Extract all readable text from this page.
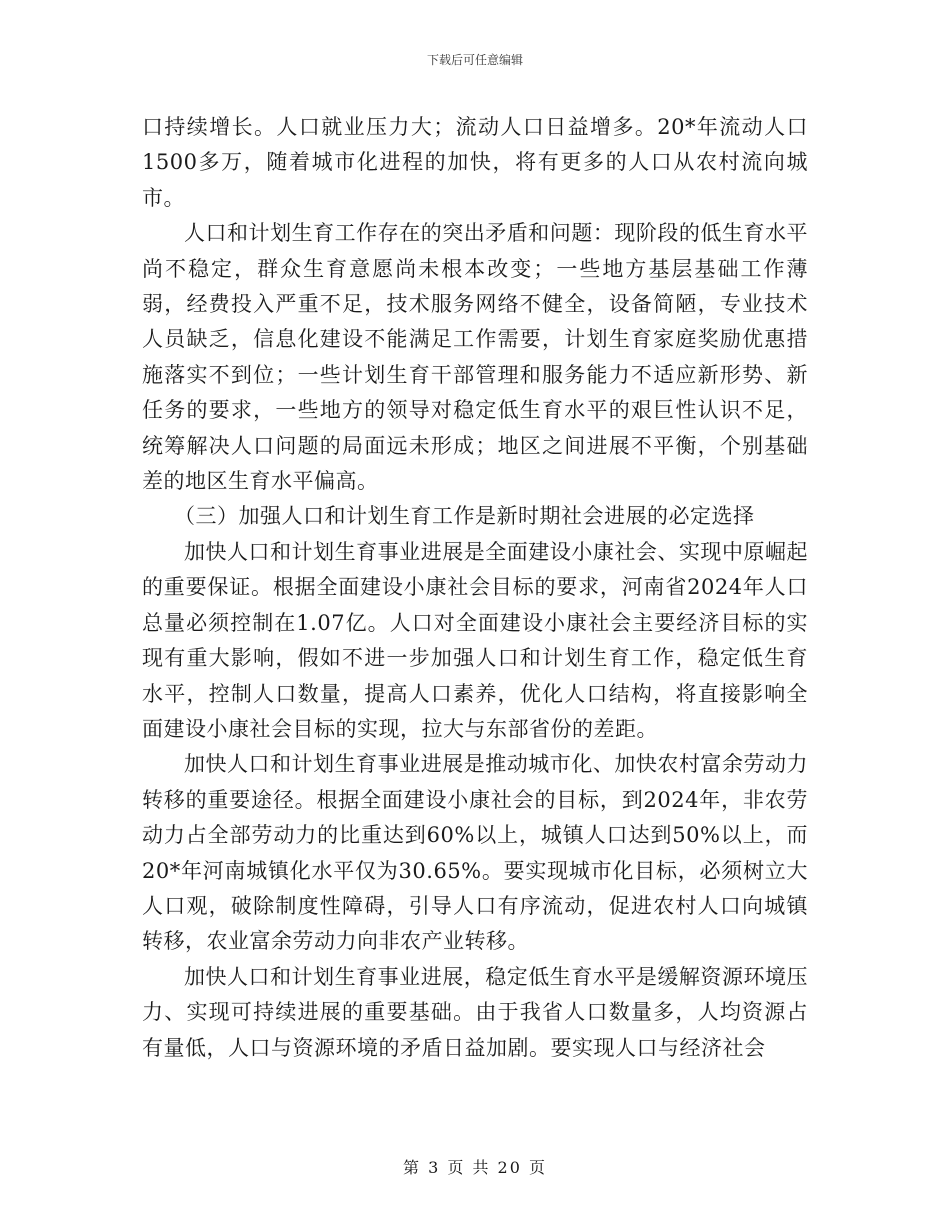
下载后可任意编辑

口持续增长。人口就业压力大；流动人口日益增多。20*年流动人口1500多万，随着城市化进程的加快，将有更多的人口从农村流向城市。

人口和计划生育工作存在的突出矛盾和问题：现阶段的低生育水平尚不稳定，群众生育意愿尚未根本改变；一些地方基层基础工作薄弱，经费投入严重不足，技术服务网络不健全，设备简陋，专业技术人员缺乏，信息化建设不能满足工作需要，计划生育家庭奖励优惠措施落实不到位；一些计划生育干部管理和服务能力不适应新形势、新任务的要求，一些地方的领导对稳定低生育水平的艰巨性认识不足，统筹解决人口问题的局面远未形成；地区之间进展不平衡，个别基础差的地区生育水平偏高。

（三）加强人口和计划生育工作是新时期社会进展的必定选择

加快人口和计划生育事业进展是全面建设小康社会、实现中原崛起的重要保证。根据全面建设小康社会目标的要求，河南省2024年人口总量必须控制在1.07亿。人口对全面建设小康社会主要经济目标的实现有重大影响，假如不进一步加强人口和计划生育工作，稳定低生育水平，控制人口数量，提高人口素养，优化人口结构，将直接影响全面建设小康社会目标的实现，拉大与东部省份的差距。

加快人口和计划生育事业进展是推动城市化、加快农村富余劳动力转移的重要途径。根据全面建设小康社会的目标，到2024年，非农劳动力占全部劳动力的比重达到60%以上，城镇人口达到50%以上，而20*年河南城镇化水平仅为30.65%。要实现城市化目标，必须树立大人口观，破除制度性障碍，引导人口有序流动，促进农村人口向城镇转移，农业富余劳动力向非农产业转移。

加快人口和计划生育事业进展，稳定低生育水平是缓解资源环境压力、实现可持续进展的重要基础。由于我省人口数量多，人均资源占有量低，人口与资源环境的矛盾日益加剧。要实现人口与经济社会

第 3 页 共 20 页
